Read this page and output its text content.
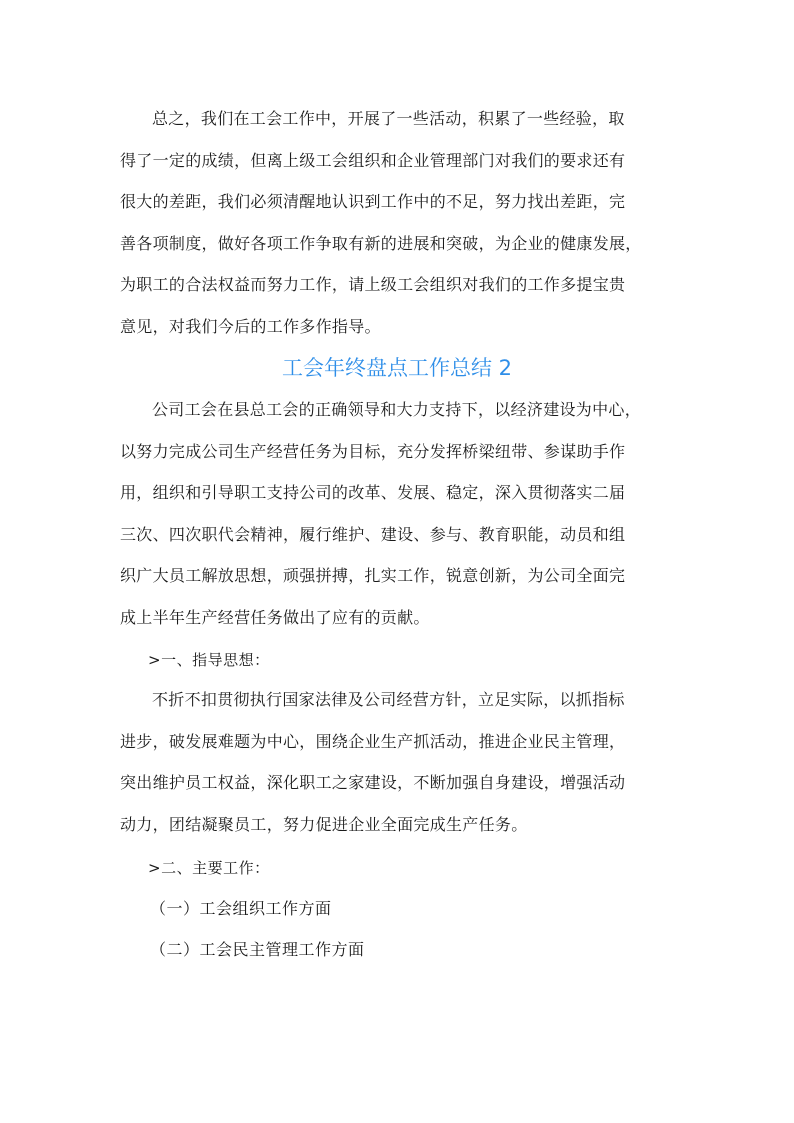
总之，我们在工会工作中，开展了一些活动，积累了一些经验，取
得了一定的成绩，但离上级工会组织和企业管理部门对我们的要求还有
很大的差距，我们必须清醒地认识到工作中的不足，努力找出差距，完
善各项制度，做好各项工作争取有新的进展和突破，为企业的健康发展，
为职工的合法权益而努力工作，请上级工会组织对我们的工作多提宝贵
意见，对我们今后的工作多作指导。

工会年终盘点工作总结 2

公司工会在县总工会的正确领导和大力支持下，以经济建设为中心，
以努力完成公司生产经营任务为目标，充分发挥桥梁纽带、参谋助手作
用，组织和引导职工支持公司的改革、发展、稳定，深入贯彻落实二届
三次、四次职代会精神，履行维护、建设、参与、教育职能，动员和组
织广大员工解放思想，顽强拼搏，扎实工作，锐意创新，为公司全面完
成上半年生产经营任务做出了应有的贡献。

>一、指导思想：

不折不扣贯彻执行国家法律及公司经营方针，立足实际，以抓指标
进步，破发展难题为中心，围绕企业生产抓活动，推进企业民主管理，
突出维护员工权益，深化职工之家建设，不断加强自身建设，增强活动
动力，团结凝聚员工，努力促进企业全面完成生产任务。

>二、主要工作：

（一）工会组织工作方面

（二）工会民主管理工作方面
